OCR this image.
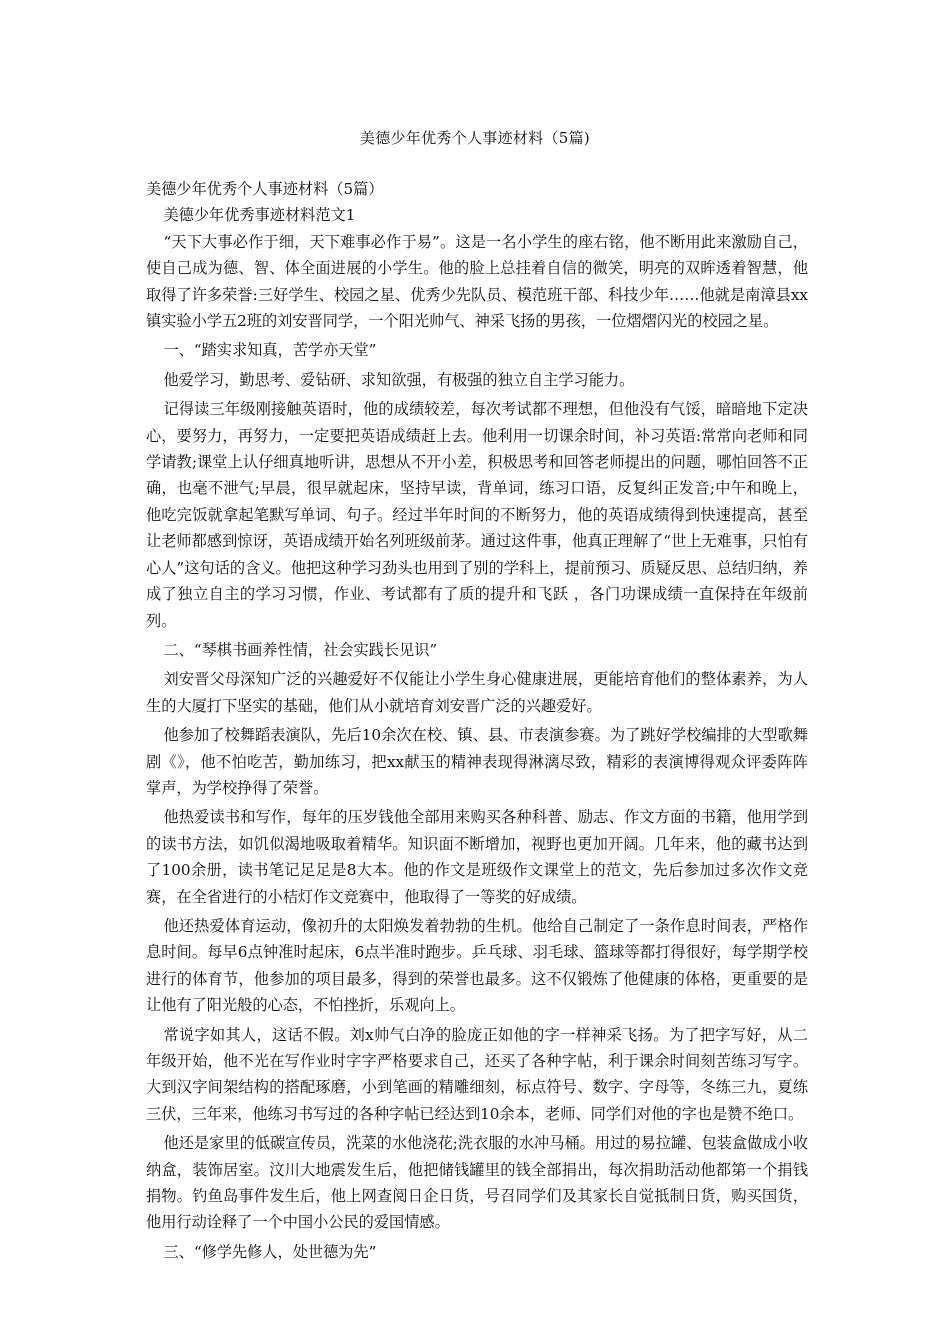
美德少年优秀个人事迹材料（5篇)

美德少年优秀个人事迹材料（5篇）

美德少年优秀事迹材料范文1

“天下大事必作于细，天下难事必作于易”。这是一名小学生的座右铭，他不断用此来激励自己，使自己成为德、智、体全面进展的小学生。他的脸上总挂着自信的微笑，明亮的双眸透着智慧，他取得了许多荣誉:三好学生、校园之星、优秀少先队员、模范班干部、科技少年……他就是南漳县xx镇实验小学五2班的刘安晋同学，一个阳光帅气、神采飞扬的男孩，一位熠熠闪光的校园之星。

一、“踏实求知真，苦学亦天堂”

他爱学习，勤思考、爱钻研、求知欲强，有极强的独立自主学习能力。

记得读三年级刚接触英语时，他的成绩较差，每次考试都不理想，但他没有气馁，暗暗地下定决心，要努力，再努力，一定要把英语成绩赶上去。他利用一切课余时间，补习英语:常常向老师和同学请教;课堂上认仔细真地听讲，思想从不开小差，积极思考和回答老师提出的问题，哪怕回答不正确，也毫不泄气;早晨，很早就起床，坚持早读，背单词，练习口语，反复纠正发音;中午和晚上，他吃完饭就拿起笔默写单词、句子。经过半年时间的不断努力，他的英语成绩得到快速提高，甚至让老师都感到惊讶，英语成绩开始名列班级前茅。通过这件事，他真正理解了“世上无难事，只怕有心人”这句话的含义。他把这种学习劲头也用到了别的学科上，提前预习、质疑反思、总结归纳，养成了独立自主的学习习惯，作业、考试都有了质的提升和飞跃 ，各门功课成绩一直保持在年级前列。

二、“琴棋书画养性情，社会实践长见识”

刘安晋父母深知广泛的兴趣爱好不仅能让小学生身心健康进展，更能培育他们的整体素养，为人生的大厦打下坚实的基础，他们从小就培育刘安晋广泛的兴趣爱好。

他参加了校舞蹈表演队，先后10余次在校、镇、县、市表演参赛。为了跳好学校编排的大型歌舞剧《》，他不怕吃苦，勤加练习，把xx献玉的精神表现得淋漓尽致，精彩的表演博得观众评委阵阵掌声，为学校挣得了荣誉。

他热爱读书和写作，每年的压岁钱他全部用来购买各种科普、励志、作文方面的书籍，他用学到的读书方法，如饥似渴地吸取着精华。知识面不断增加，视野也更加开阔。几年来，他的藏书达到了100余册，读书笔记足足是8大本。他的作文是班级作文课堂上的范文，先后参加过多次作文竞赛，在全省进行的小桔灯作文竞赛中，他取得了一等奖的好成绩。

他还热爱体育运动，像初升的太阳焕发着勃勃的生机。他给自己制定了一条作息时间表，严格作息时间。每早6点钟准时起床，6点半准时跑步。乒乓球、羽毛球、篮球等都打得很好，每学期学校进行的体育节，他参加的项目最多，得到的荣誉也最多。这不仅锻炼了他健康的体格，更重要的是让他有了阳光般的心态，不怕挫折，乐观向上。

常说字如其人，这话不假。刘x帅气白净的脸庞正如他的字一样神采飞扬。为了把字写好，从二年级开始，他不光在写作业时字字严格要求自己，还买了各种字帖，利于课余时间刻苦练习写字。大到汉字间架结构的搭配琢磨，小到笔画的精雕细刻，标点符号、数字、字母等，冬练三九，夏练三伏，三年来，他练习书写过的各种字帖已经达到10余本，老师、同学们对他的字也是赞不绝口。

他还是家里的低碳宣传员，洗菜的水他浇花;洗衣服的水冲马桶。用过的易拉罐、包装盒做成小收纳盒，装饰居室。汶川大地震发生后，他把储钱罐里的钱全部捐出，每次捐助活动他都第一个捐钱捐物。钓鱼岛事件发生后，他上网查阅日企日货，号召同学们及其家长自觉抵制日货，购买国货，他用行动诠释了一个中国小公民的爱国情感。

三、“修学先修人，处世德为先”
